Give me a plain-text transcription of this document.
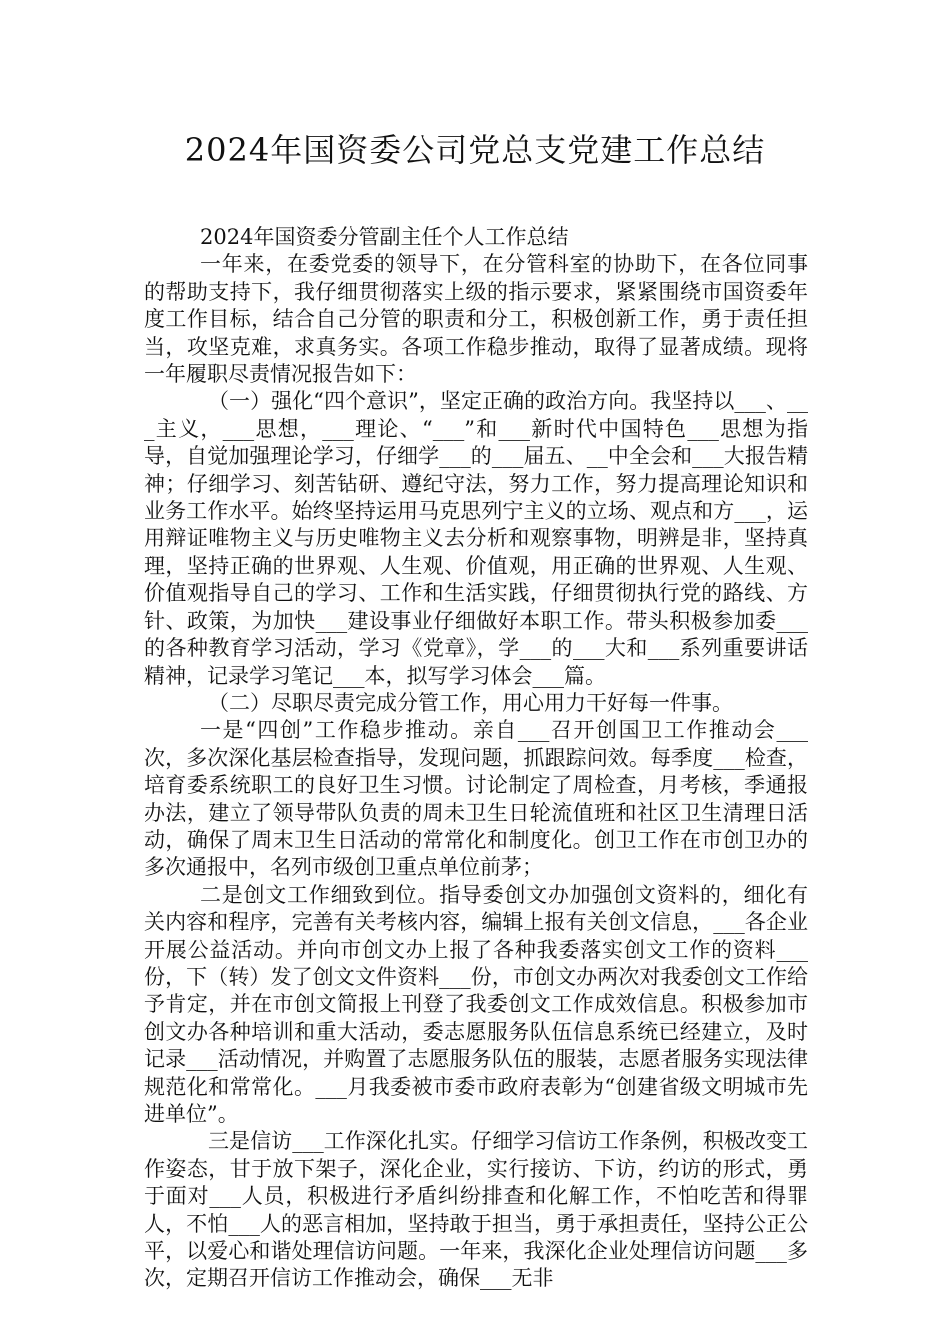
2024年国资委公司党总支党建工作总结

2024年国资委分管副主任个人工作总结

一年来，在委党委的领导下，在分管科室的协助下，在各位同事的帮助支持下，我仔细贯彻落实上级的指示要求，紧紧围绕市国资委年度工作目标，结合自己分管的职责和分工，积极创新工作，勇于责任担当，攻坚克难，求真务实。各项工作稳步推动，取得了显著成绩。现将一年履职尽责情况报告如下：

（一）强化“四个意识”，坚定正确的政治方向。我坚持以___、___主义，___思想，___理论、“___”和___新时代中国特色___思想为指导，自觉加强理论学习，仔细学___的___届五、__中全会和___大报告精神；仔细学习、刻苦钻研、遵纪守法，努力工作，努力提高理论知识和业务工作水平。始终坚持运用马克思列宁主义的立场、观点和方___，运用辩证唯物主义与历史唯物主义去分析和观察事物，明辨是非，坚持真理，坚持正确的世界观、人生观、价值观，用正确的世界观、人生观、价值观指导自己的学习、工作和生活实践，仔细贯彻执行党的路线、方针、政策，为加快___建设事业仔细做好本职工作。带头积极参加委___的各种教育学习活动，学习《党章》，学___的___大和___系列重要讲话精神，记录学习笔记___本，拟写学习体会___篇。

（二）尽职尽责完成分管工作，用心用力干好每一件事。

一是“四创”工作稳步推动。亲自___召开创国卫工作推动会___次，多次深化基层检查指导，发现问题，抓跟踪问效。每季度___检查，培育委系统职工的良好卫生习惯。讨论制定了周检查，月考核，季通报办法，建立了领导带队负责的周未卫生日轮流值班和社区卫生清理日活动，确保了周末卫生日活动的常常化和制度化。创卫工作在市创卫办的多次通报中，名列市级创卫重点单位前茅；

二是创文工作细致到位。指导委创文办加强创文资料的，细化有关内容和程序，完善有关考核内容，编辑上报有关创文信息，___各企业开展公益活动。并向市创文办上报了各种我委落实创文工作的资料___份，下（转）发了创文文件资料___份，市创文办两次对我委创文工作给予肯定，并在市创文简报上刊登了我委创文工作成效信息。积极参加市创文办各种培训和重大活动，委志愿服务队伍信息系统已经建立，及时记录___活动情况，并购置了志愿服务队伍的服装，志愿者服务实现法律规范化和常常化。___月我委被市委市政府表彰为“创建省级文明城市先进单位”。

三是信访___工作深化扎实。仔细学习信访工作条例，积极改变工作姿态，甘于放下架子，深化企业，实行接访、下访，约访的形式，勇于面对___人员，积极进行矛盾纠纷排查和化解工作，不怕吃苦和得罪人，不怕___人的恶言相加，坚持敢于担当，勇于承担责任，坚持公正公平，以爱心和谐处理信访问题。一年来，我深化企业处理信访问题___多次，定期召开信访工作推动会，确保___无非
